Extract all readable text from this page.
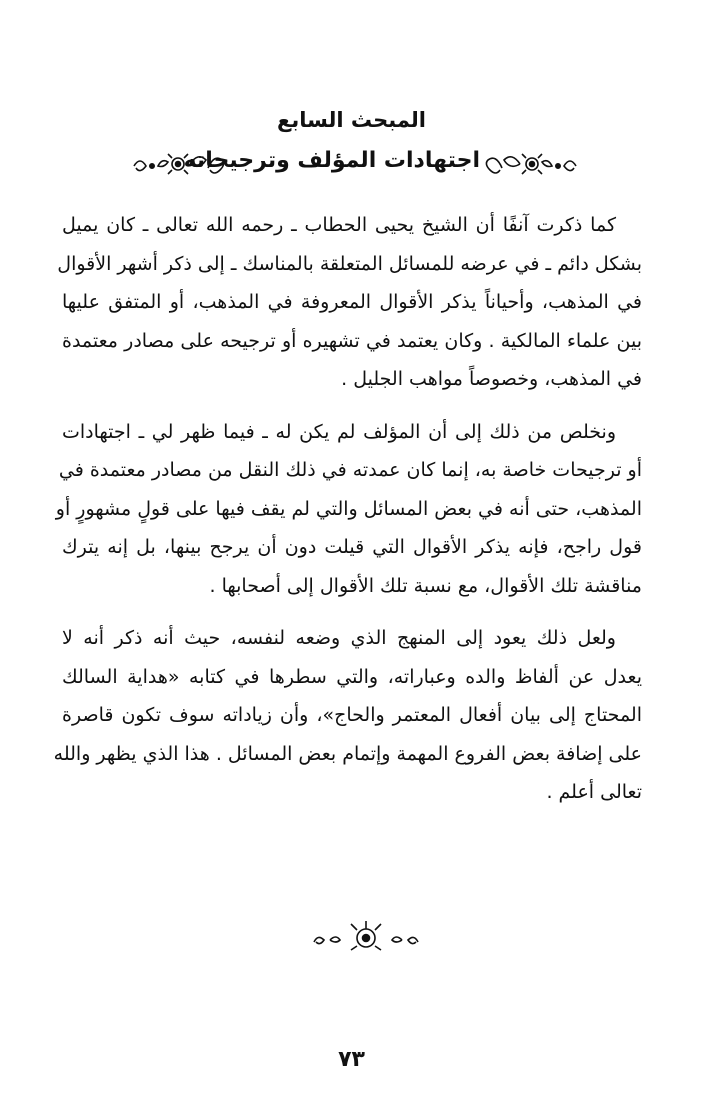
المبحث السابع
اجتهادات المؤلف وترجيحاته
كما ذكرت آنفًا أن الشيخ يحيى الحطاب ـ رحمه الله تعالى ـ كان يميل
بشكل دائم ـ في عرضه للمسائل المتعلقة بالمناسك ـ إلى ذكر أشهر الأقوال
في المذهب، وأحياناً يذكر الأقوال المعروفة في المذهب، أو المتفق عليها
بين علماء المالكية . وكان يعتمد في تشهيره أو ترجيحه على مصادر معتمدة
في المذهب، وخصوصاً مواهب الجليل .
ونخلص من ذلك إلى أن المؤلف لم يكن له ـ فيما ظهر لي ـ اجتهادات
أو ترجيحات خاصة به، إنما كان عمدته في ذلك النقل من مصادر معتمدة في
المذهب، حتى أنه في بعض المسائل والتي لم يقف فيها على قولٍ مشهورٍ أو
قول راجح، فإنه يذكر الأقوال التي قيلت دون أن يرجح بينها، بل إنه يترك
مناقشة تلك الأقوال، مع نسبة تلك الأقوال إلى أصحابها .
ولعل ذلك يعود إلى المنهج الذي وضعه لنفسه، حيث أنه ذكر أنه لا
يعدل عن ألفاظ والده وعباراته، والتي سطرها في كتابه «هداية السالك
المحتاج إلى بيان أفعال المعتمر والحاج»، وأن زياداته سوف تكون قاصرة
على إضافة بعض الفروع المهمة وإتمام بعض المسائل . هذا الذي يظهر والله
تعالى أعلم .
٧٣
